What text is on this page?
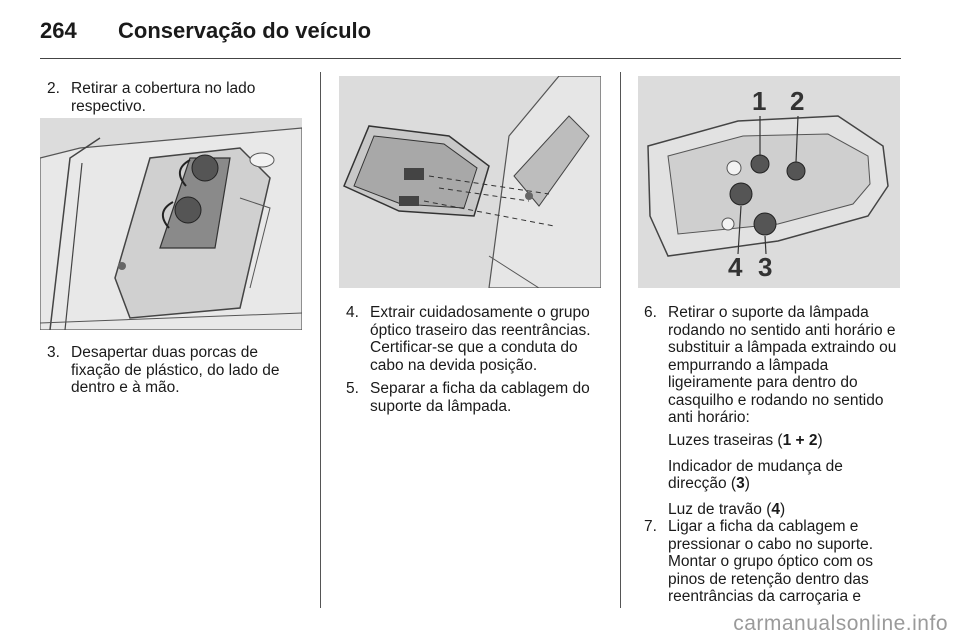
264 Conservação do veículo
2. Retirar a cobertura no lado
respectivo.
3. Desapertar duas porcas de
fixação de plástico, do lado de
dentro e à mão.
4. Extrair cuidadosamente o grupo
óptico traseiro das reentrâncias.
Certificar-se que a conduta do
cabo na devida posição.
5. Separar a ficha da cablagem do
suporte da lâmpada.
1 2
4 3
6. Retirar o suporte da lâmpada
rodando no sentido anti horário e
substituir a lâmpada extraindo ou
empurrando a lâmpada
ligeiramente para dentro do
casquilho e rodando no sentido
anti horário:
Luzes traseiras (1 + 2)
Indicador de mudança de
direcção (3)
Luz de travão (4)
7. Ligar a ficha da cablagem e
pressionar o cabo no suporte.
Montar o grupo óptico com os
pinos de retenção dentro das
reentrâncias da carroçaria e
carmanualsonline.info
